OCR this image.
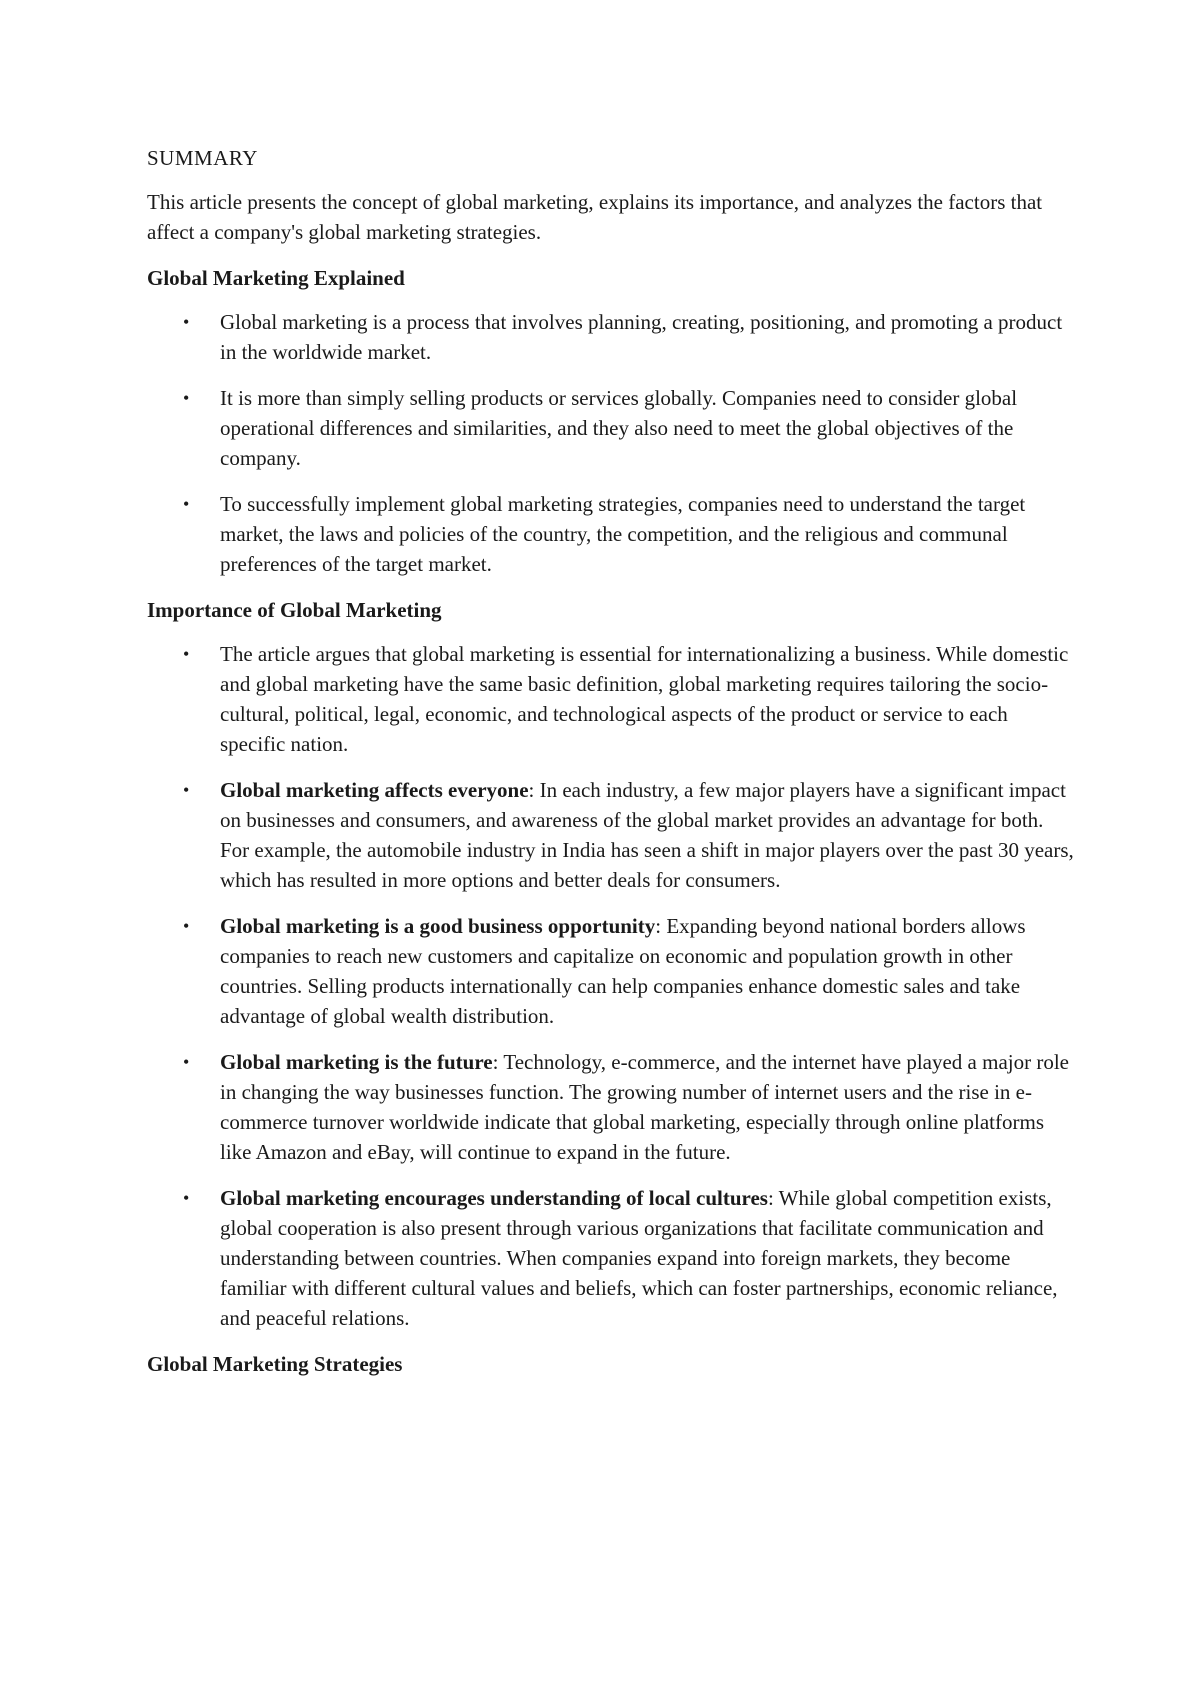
SUMMARY

This article presents the concept of global marketing, explains its importance, and analyzes the factors that affect a company's global marketing strategies.

Global Marketing Explained
• Global marketing is a process that involves planning, creating, positioning, and promoting a product in the worldwide market.
• It is more than simply selling products or services globally. Companies need to consider global operational differences and similarities, and they also need to meet the global objectives of the company.
• To successfully implement global marketing strategies, companies need to understand the target market, the laws and policies of the country, the competition, and the religious and communal preferences of the target market.
Importance of Global Marketing
• The article argues that global marketing is essential for internationalizing a business. While domestic and global marketing have the same basic definition, global marketing requires tailoring the socio-cultural, political, legal, economic, and technological aspects of the product or service to each specific nation.
• Global marketing affects everyone: In each industry, a few major players have a significant impact on businesses and consumers, and awareness of the global market provides an advantage for both. For example, the automobile industry in India has seen a shift in major players over the past 30 years, which has resulted in more options and better deals for consumers.
• Global marketing is a good business opportunity: Expanding beyond national borders allows companies to reach new customers and capitalize on economic and population growth in other countries. Selling products internationally can help companies enhance domestic sales and take advantage of global wealth distribution.
• Global marketing is the future: Technology, e-commerce, and the internet have played a major role in changing the way businesses function. The growing number of internet users and the rise in e-commerce turnover worldwide indicate that global marketing, especially through online platforms like Amazon and eBay, will continue to expand in the future.
• Global marketing encourages understanding of local cultures: While global competition exists, global cooperation is also present through various organizations that facilitate communication and understanding between countries. When companies expand into foreign markets, they become familiar with different cultural values and beliefs, which can foster partnerships, economic reliance, and peaceful relations.
Global Marketing Strategies
